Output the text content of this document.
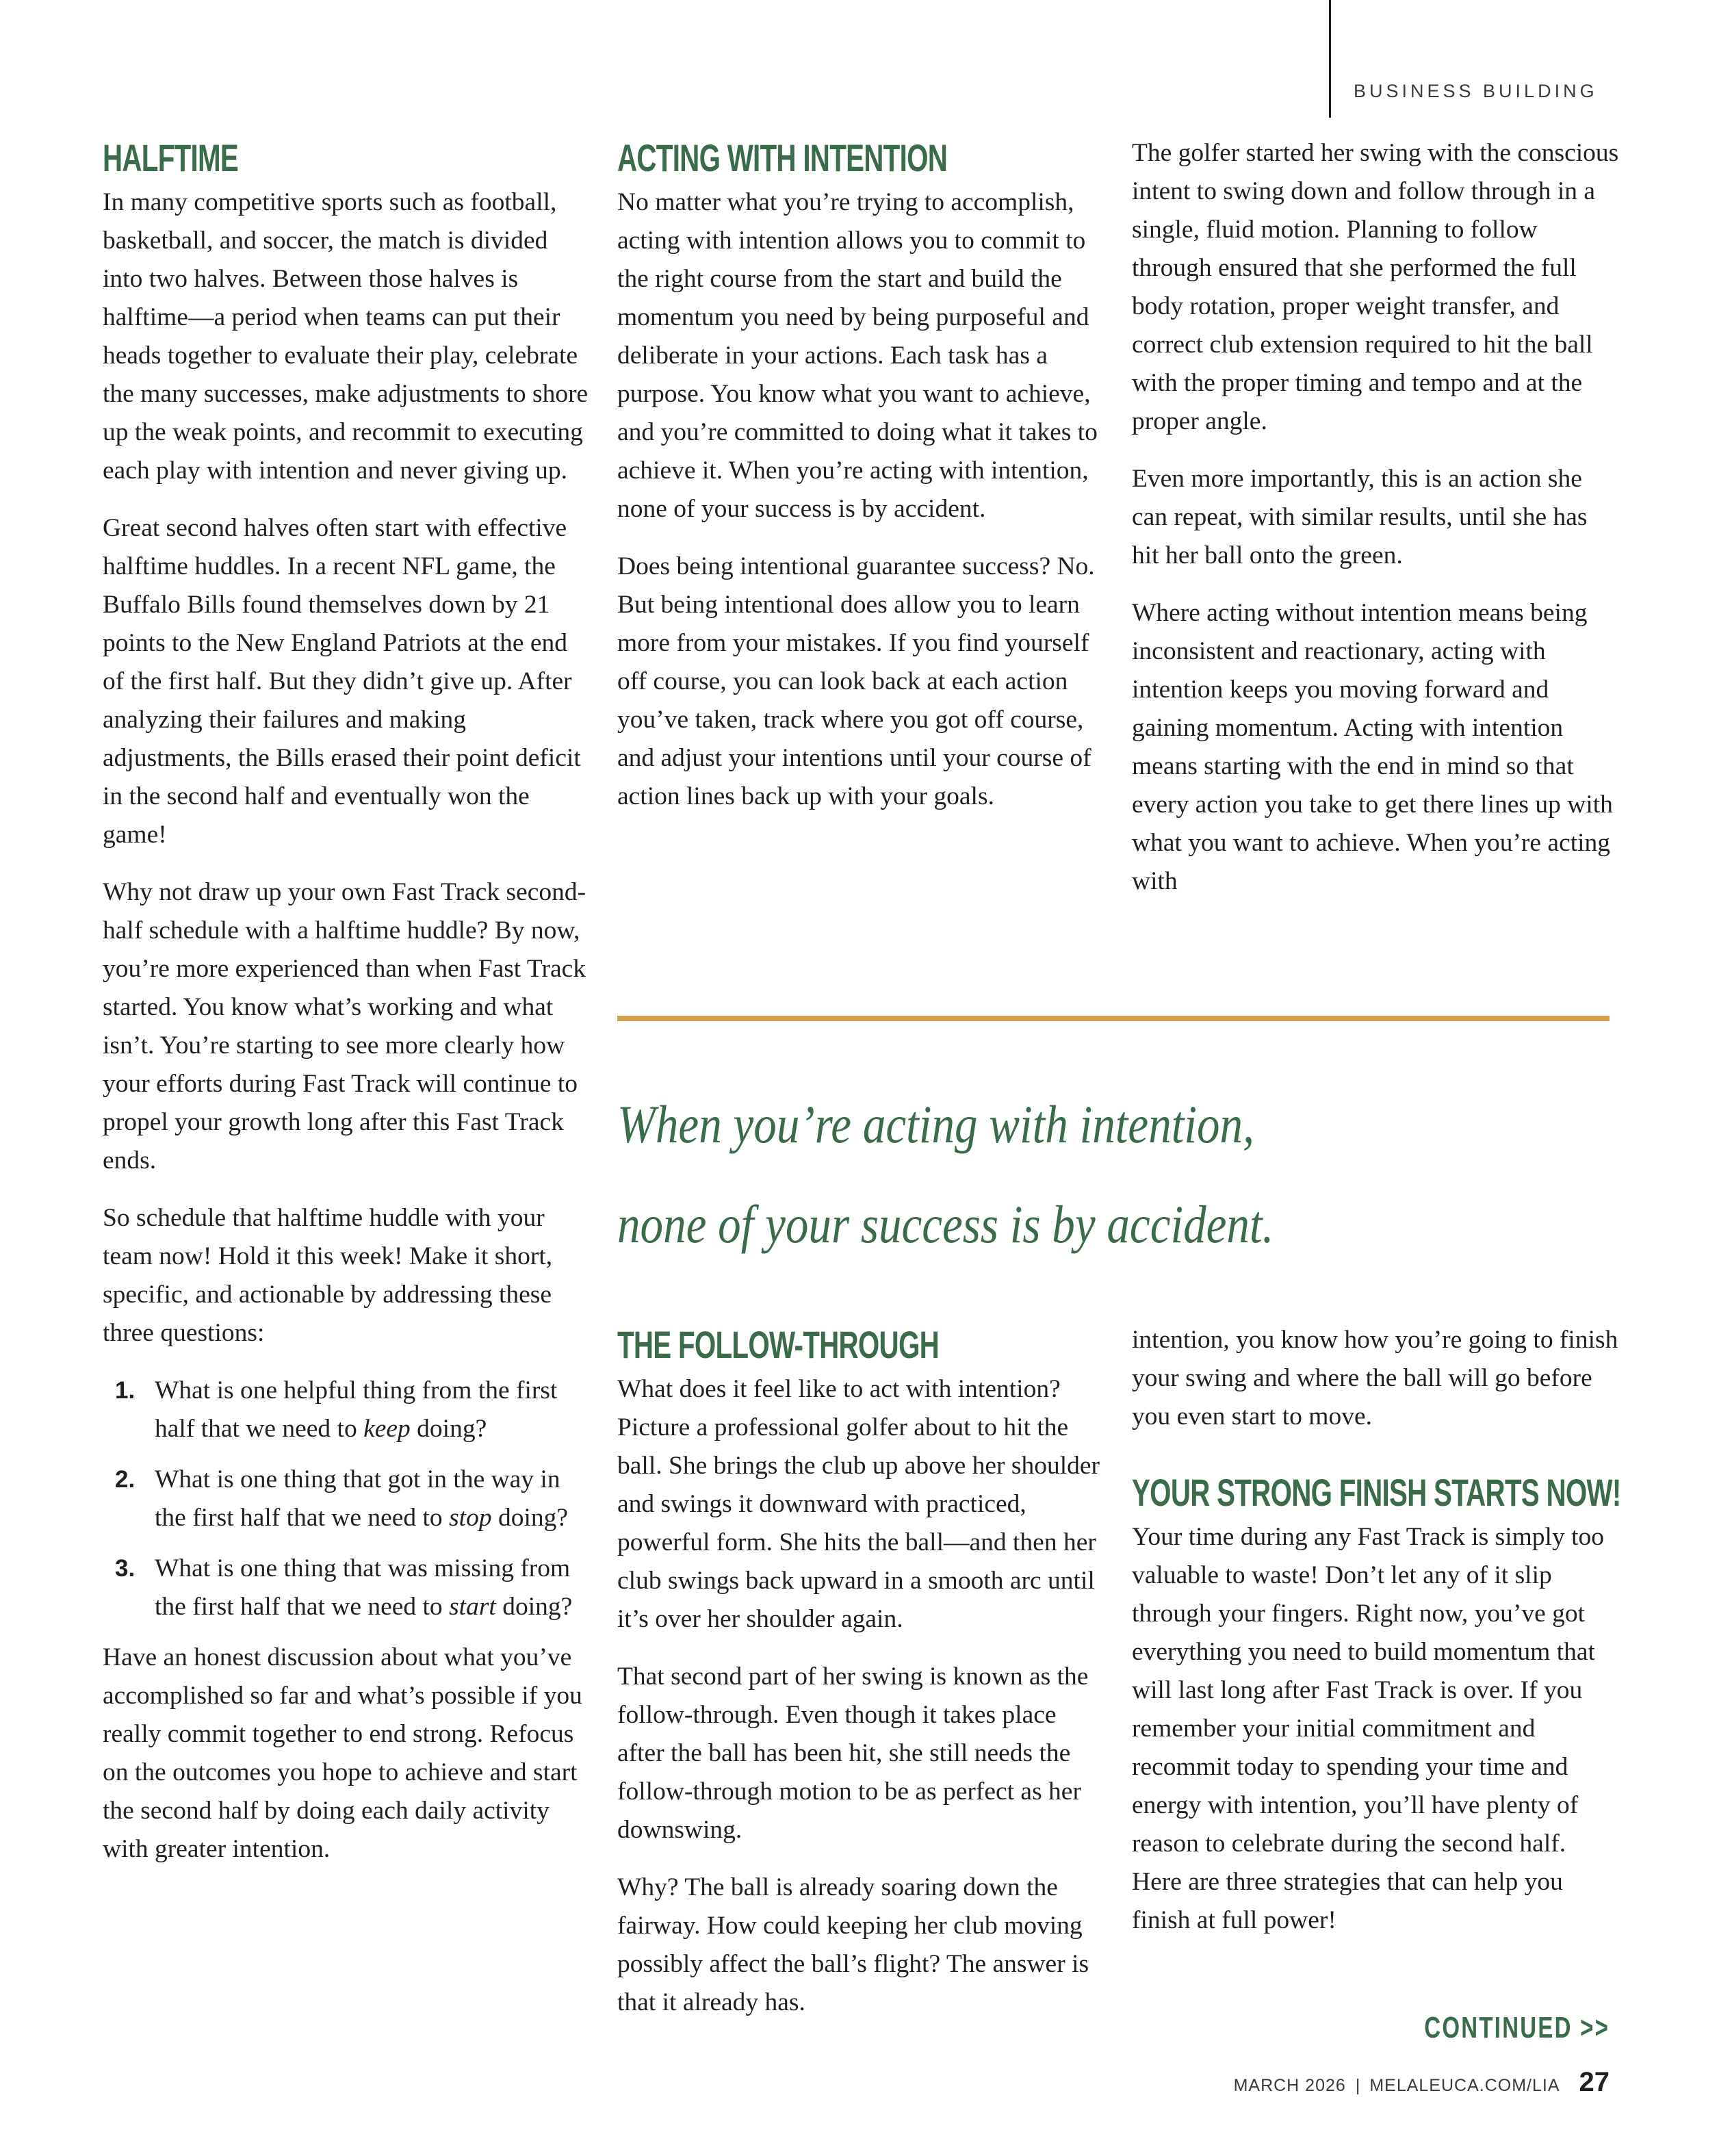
BUSINESS BUILDING
HALFTIME

In many competitive sports such as football, basketball, and soccer, the match is divided into two halves. Between those halves is halftime—a period when teams can put their heads together to evaluate their play, celebrate the many successes, make adjustments to shore up the weak points, and recommit to executing each play with intention and never giving up.

Great second halves often start with effective halftime huddles. In a recent NFL game, the Buffalo Bills found themselves down by 21 points to the New England Patriots at the end of the first half. But they didn’t give up. After analyzing their failures and making adjustments, the Bills erased their point deficit in the second half and eventually won the game!

Why not draw up your own Fast Track second-half schedule with a halftime huddle? By now, you’re more experienced than when Fast Track started. You know what’s working and what isn’t. You’re starting to see more clearly how your efforts during Fast Track will continue to propel your growth long after this Fast Track ends.

So schedule that halftime huddle with your team now! Hold it this week! Make it short, specific, and actionable by addressing these three questions:

1. What is one helpful thing from the first half that we need to keep doing?
2. What is one thing that got in the way in the first half that we need to stop doing?
3. What is one thing that was missing from the first half that we need to start doing?

Have an honest discussion about what you’ve accomplished so far and what’s possible if you really commit together to end strong. Refocus on the outcomes you hope to achieve and start the second half by doing each daily activity with greater intention.

ACTING WITH INTENTION

No matter what you’re trying to accomplish, acting with intention allows you to commit to the right course from the start and build the momentum you need by being purposeful and deliberate in your actions. Each task has a purpose. You know what you want to achieve, and you’re committed to doing what it takes to achieve it. When you’re acting with intention, none of your success is by accident.

Does being intentional guarantee success? No. But being intentional does allow you to learn more from your mistakes. If you find yourself off course, you can look back at each action you’ve taken, track where you got off course, and adjust your intentions until your course of action lines back up with your goals.

The golfer started her swing with the conscious intent to swing down and follow through in a single, fluid motion. Planning to follow through ensured that she performed the full body rotation, proper weight transfer, and correct club extension required to hit the ball with the proper timing and tempo and at the proper angle.

Even more importantly, this is an action she can repeat, with similar results, until she has hit her ball onto the green.

Where acting without intention means being inconsistent and reactionary, acting with intention keeps you moving forward and gaining momentum. Acting with intention means starting with the end in mind so that every action you take to get there lines up with what you want to achieve. When you’re acting with

When you’re acting with intention,
none of your success is by accident.
THE FOLLOW-THROUGH

What does it feel like to act with intention? Picture a professional golfer about to hit the ball. She brings the club up above her shoulder and swings it downward with practiced, powerful form. She hits the ball—and then her club swings back upward in a smooth arc until it’s over her shoulder again.

That second part of her swing is known as the follow-through. Even though it takes place after the ball has been hit, she still needs the follow-through motion to be as perfect as her downswing.

Why? The ball is already soaring down the fairway. How could keeping her club moving possibly affect the ball’s flight? The answer is that it already has.

intention, you know how you’re going to finish your swing and where the ball will go before you even start to move.

YOUR STRONG FINISH STARTS NOW!

Your time during any Fast Track is simply too valuable to waste! Don’t let any of it slip through your fingers. Right now, you’ve got everything you need to build momentum that will last long after Fast Track is over. If you remember your initial commitment and recommit today to spending your time and energy with intention, you’ll have plenty of reason to celebrate during the second half. Here are three strategies that can help you finish at full power!

CONTINUED >>
MARCH 2026 | MELALEUCA.COM/LIA 27
